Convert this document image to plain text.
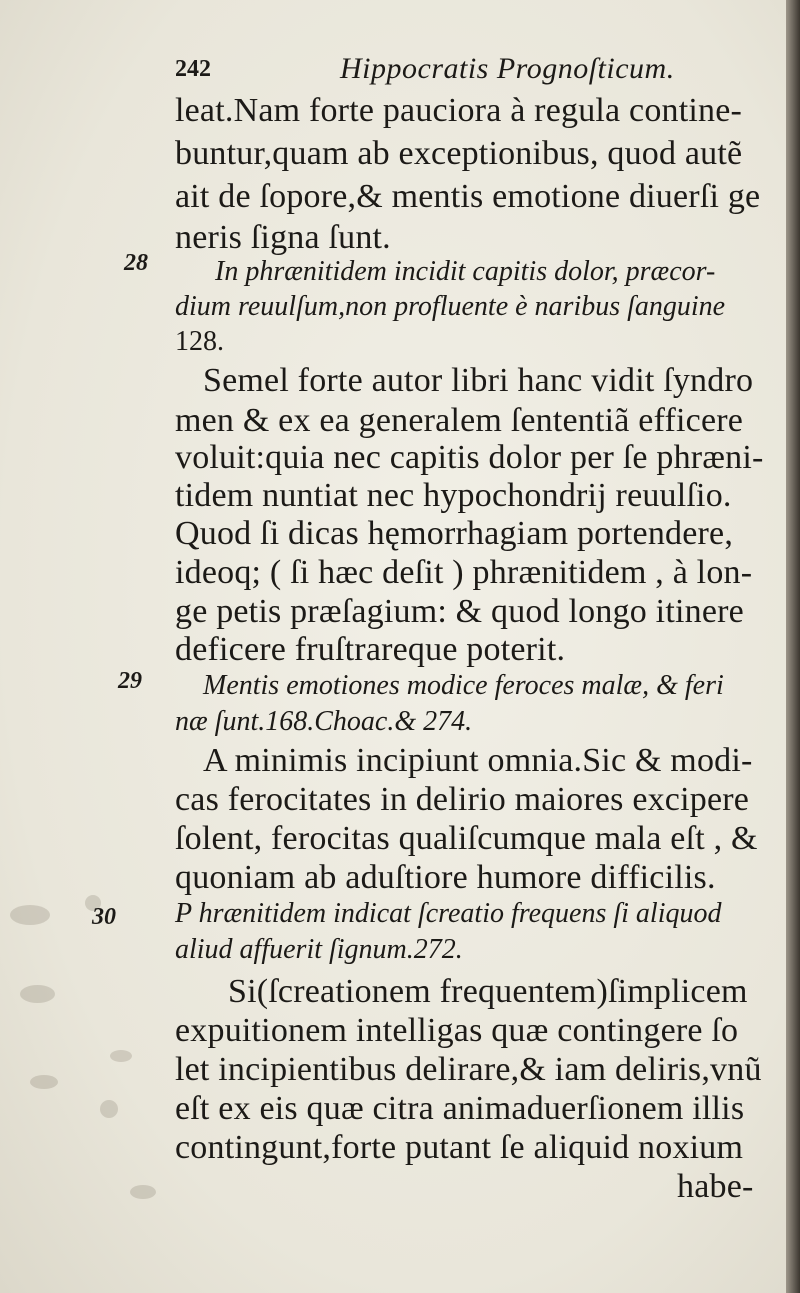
242	Hippocratis Prognoſticum.
28
29
30

leat.Nam forte pauciora à regula contine-

buntur,quam ab exceptionibus, quod autẽ

ait de ſopore,& mentis emotione diuerſi ge

neris ſigna ſunt.

In phrænitidem incidit capitis dolor, præcor-

dium reuulſum,non profluente è naribus ſanguine

128.

Semel forte autor libri hanc vidit ſyndro

men & ex ea generalem ſententiã efficere

voluit:quia nec capitis dolor per ſe phræni-

tidem nuntiat nec hypochondrij reuulſio.

Quod ſi dicas hęmorrhagiam portendere,

ideoq; ( ſi hæc deſit ) phrænitidem , à lon-

ge petis præſagium: & quod longo itinere

deficere fruſtrareque poterit.

Mentis emotiones modice feroces malæ, & feri

næ ſunt.168.Choac.& 274.

A minimis incipiunt omnia.Sic & modi-

cas ferocitates in delirio maiores excipere

ſolent, ferocitas qualiſcumque mala eſt , &

quoniam ab aduſtiore humore difficilis.

P hrænitidem indicat ſcreatio frequens ſi aliquod

aliud affuerit ſignum.272.

Si(ſcreationem frequentem)ſimplicem

expuitionem intelligas quæ contingere ſo

let incipientibus delirare,& iam deliris,vnũ

eſt ex eis quæ citra animaduerſionem illis

contingunt,forte putant ſe aliquid noxium

habe-
